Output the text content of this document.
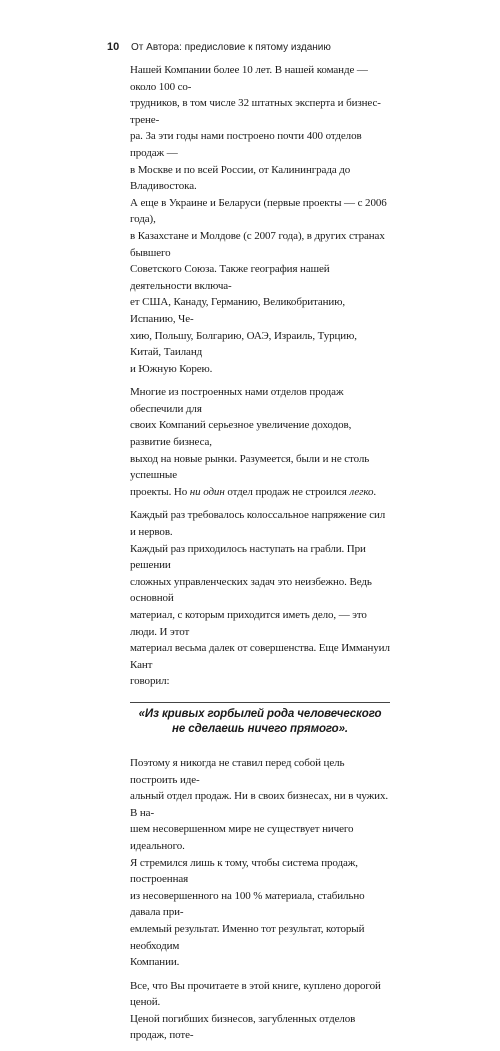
10 От Автора: предисловие к пятому изданию

Нашей Компании более 10 лет. В нашей команде — около 100 со-
трудников, в том числе 32 штатных эксперта и бизнес-трене-
ра. За эти годы нами построено почти 400 отделов продаж —
в Москве и по всей России, от Калининграда до Владивостока.
А еще в Украине и Беларуси (первые проекты — с 2006 года),
в Казахстане и Молдове (с 2007 года), в других странах бывшего
Советского Союза. Также география нашей деятельности включа-
ет США, Канаду, Германию, Великобританию, Испанию, Че-
хию, Польшу, Болгарию, ОАЭ, Израиль, Турцию, Китай, Таиланд
и Южную Корею.

Многие из построенных нами отделов продаж обеспечили для
своих Компаний серьезное увеличение доходов, развитие бизнеса,
выход на новые рынки. Разумеется, были и не столь успешные
проекты. Но ни один отдел продаж не строился легко.

Каждый раз требовалось колоссальное напряжение сил и нервов.
Каждый раз приходилось наступать на грабли. При решении
сложных управленческих задач это неизбежно. Ведь основной
материал, с которым приходится иметь дело, — это люди. И этот
материал весьма далек от совершенства. Еще Иммануил Кант
говорил:

«Из кривых горбылей рода человеческого
не сделаешь ничего прямого».

Поэтому я никогда не ставил перед собой цель построить иде-
альный отдел продаж. Ни в своих бизнесах, ни в чужих. В на-
шем несовершенном мире не существует ничего идеального.
Я стремился лишь к тому, чтобы система продаж, построенная
из несовершенного на 100 % материала, стабильно давала при-
емлемый результат. Именно тот результат, который необходим
Компании.

Все, что Вы прочитаете в этой книге, куплено дорогой ценой.
Ценой погибших бизнесов, загубленных отделов продаж, поте-
